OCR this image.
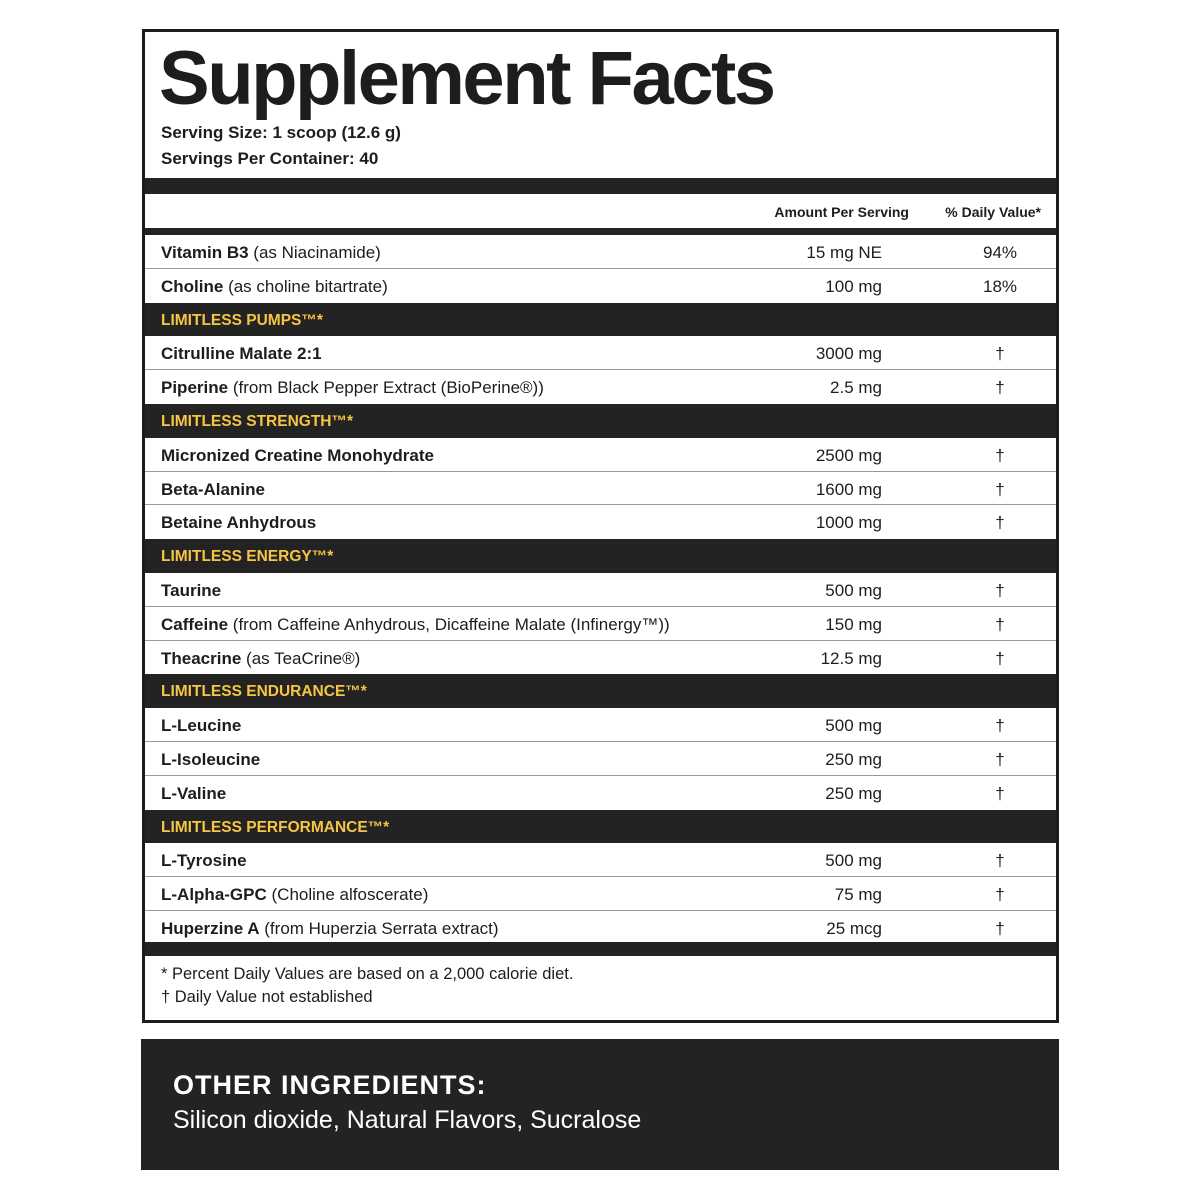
Supplement Facts
Serving Size: 1 scoop (12.6 g)
Servings Per Container: 40
Amount Per Serving	% Daily Value*
Vitamin B3 (as Niacinamide)	15 mg NE	94%
Choline (as choline bitartrate)	100 mg	18%
LIMITLESS PUMPS™*
Citrulline Malate 2:1	3000 mg	†
Piperine (from Black Pepper Extract (BioPerine®))	2.5 mg	†
LIMITLESS STRENGTH™*
Micronized Creatine Monohydrate	2500 mg	†
Beta-Alanine	1600 mg	†
Betaine Anhydrous	1000 mg	†
LIMITLESS ENERGY™*
Taurine	500 mg	†
Caffeine (from Caffeine Anhydrous, Dicaffeine Malate (Infinergy™))	150 mg	†
Theacrine (as TeaCrine®)	12.5 mg	†
LIMITLESS ENDURANCE™*
L-Leucine	500 mg	†
L-Isoleucine	250 mg	†
L-Valine	250 mg	†
LIMITLESS PERFORMANCE™*
L-Tyrosine	500 mg	†
L-Alpha-GPC (Choline alfoscerate)	75 mg	†
Huperzine A (from Huperzia Serrata extract)	25 mcg	†
* Percent Daily Values are based on a 2,000 calorie diet.
† Daily Value not established
OTHER INGREDIENTS:
Silicon dioxide, Natural Flavors, Sucralose
